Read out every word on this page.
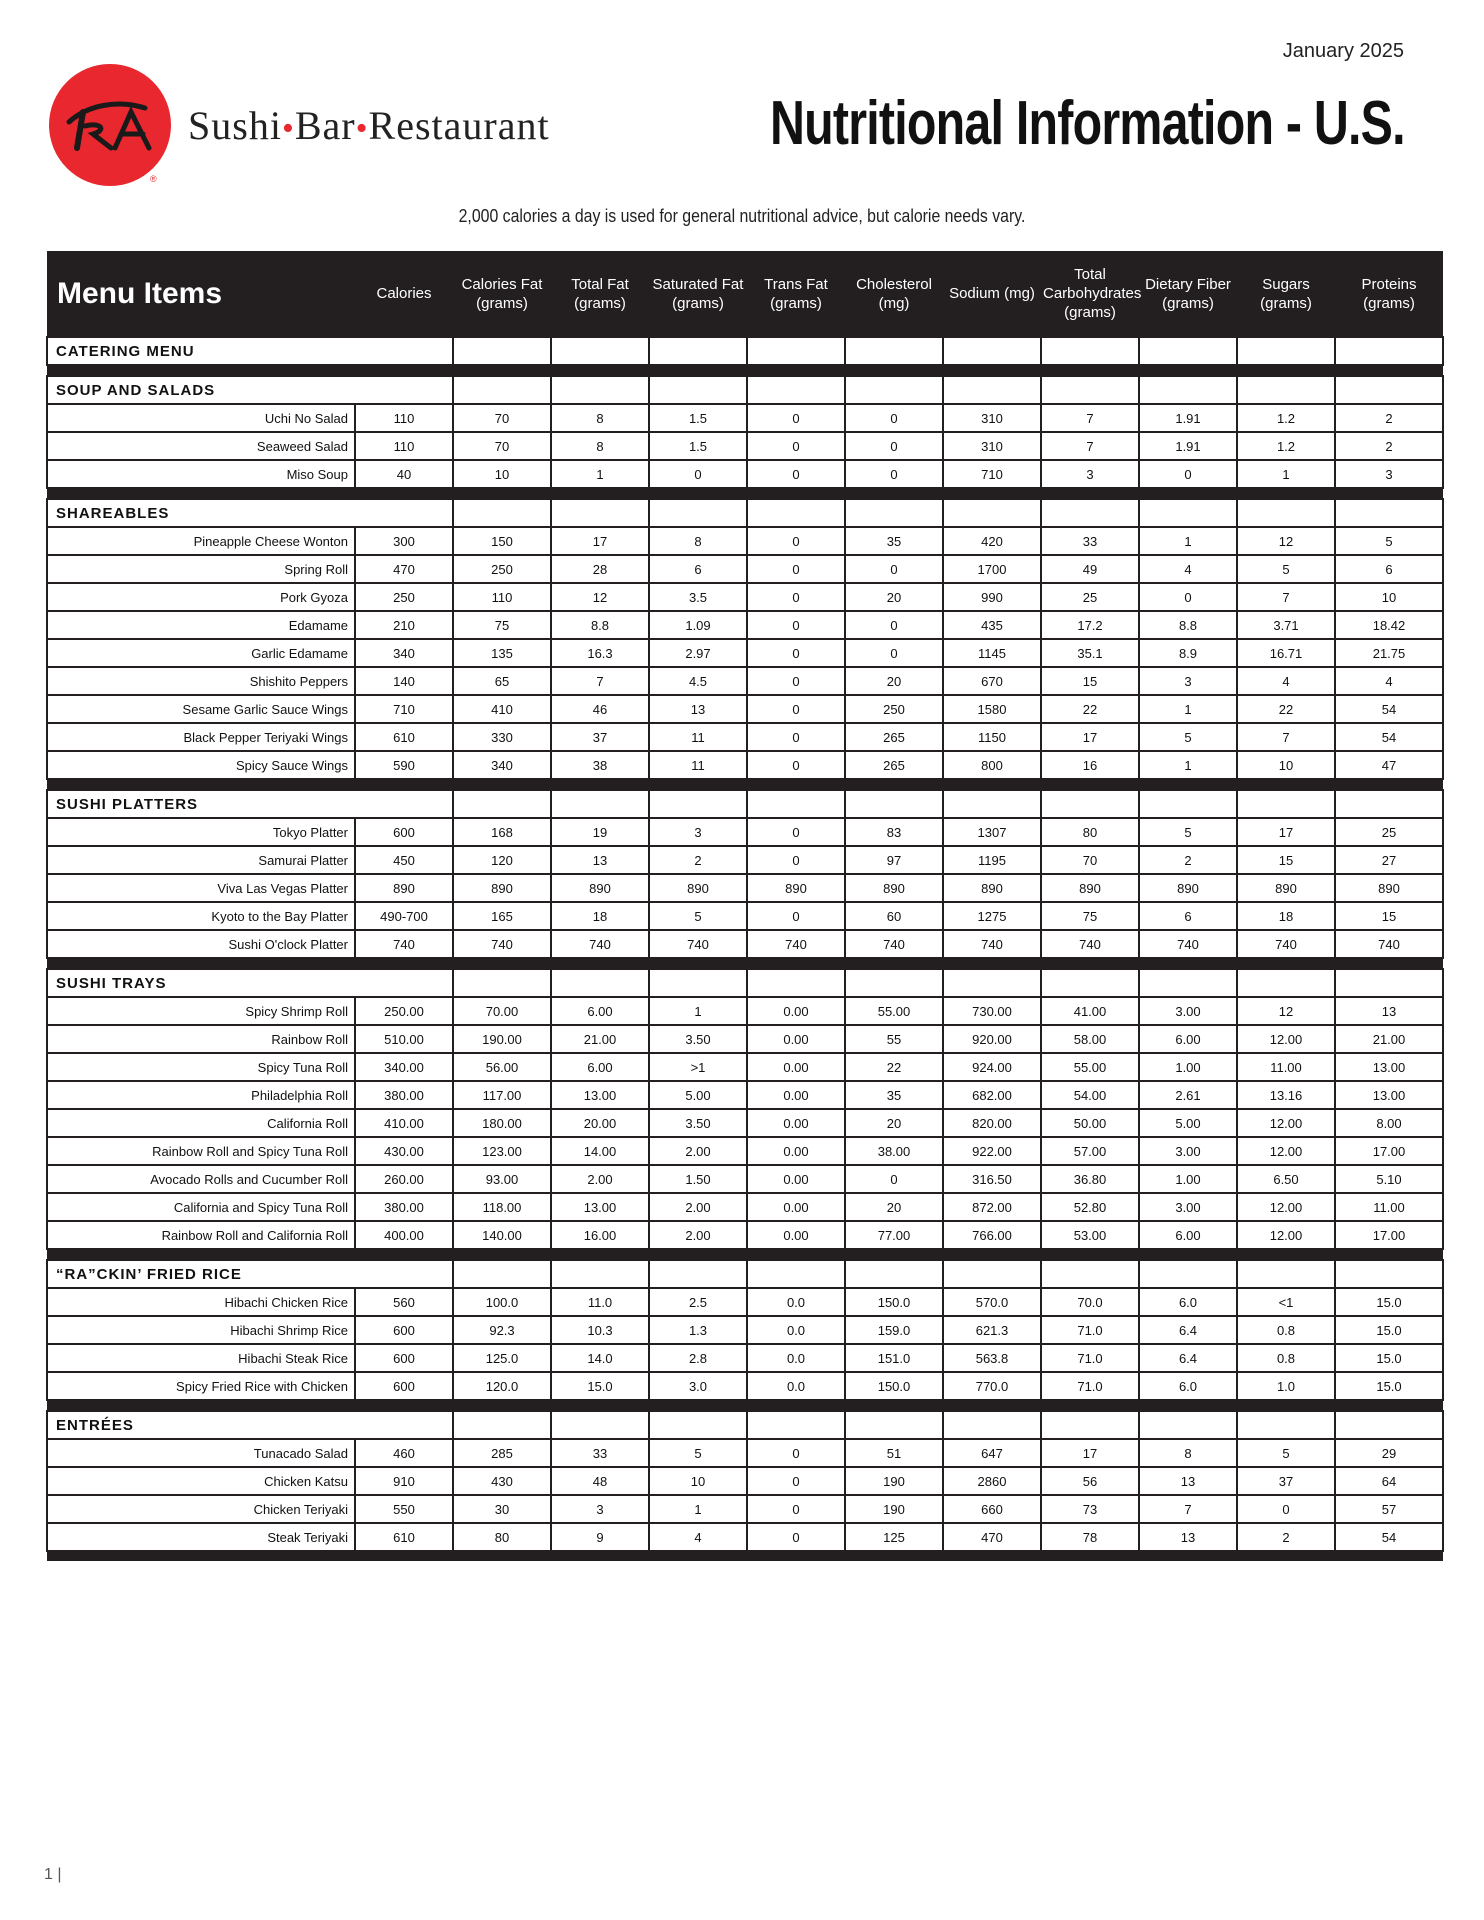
January 2025
®
Sushi•Bar•Restaurant	Nutritional Information - U.S.
2,000 calories a day is used for general nutritional advice, but calorie needs vary.
Menu Items	Calories	Calories Fat (grams)	Total Fat (grams)	Saturated Fat (grams)	Trans Fat (grams)	Cholesterol (mg)	Sodium (mg)	Total Carbohydrates (grams)	Dietary Fiber (grams)	Sugars (grams)	Proteins (grams)
CATERING MENU											

SOUP AND SALADS											
Uchi No Salad	110	70	8	1.5	0	0	310	7	1.91	1.2	2
Seaweed Salad	110	70	8	1.5	0	0	310	7	1.91	1.2	2
Miso Soup	40	10	1	0	0	0	710	3	0	1	3

SHAREABLES											
Pineapple Cheese Wonton	300	150	17	8	0	35	420	33	1	12	5
Spring Roll	470	250	28	6	0	0	1700	49	4	5	6
Pork Gyoza	250	110	12	3.5	0	20	990	25	0	7	10
Edamame	210	75	8.8	1.09	0	0	435	17.2	8.8	3.71	18.42
Garlic Edamame	340	135	16.3	2.97	0	0	1145	35.1	8.9	16.71	21.75
Shishito Peppers	140	65	7	4.5	0	20	670	15	3	4	4
Sesame Garlic Sauce Wings	710	410	46	13	0	250	1580	22	1	22	54
Black Pepper Teriyaki Wings	610	330	37	11	0	265	1150	17	5	7	54
Spicy Sauce Wings	590	340	38	11	0	265	800	16	1	10	47

SUSHI PLATTERS											
Tokyo Platter	600	168	19	3	0	83	1307	80	5	17	25
Samurai Platter	450	120	13	2	0	97	1195	70	2	15	27
Viva Las Vegas Platter	890	890	890	890	890	890	890	890	890	890	890
Kyoto to the Bay Platter	490-700	165	18	5	0	60	1275	75	6	18	15
Sushi O'clock Platter	740	740	740	740	740	740	740	740	740	740	740

SUSHI TRAYS											
Spicy Shrimp Roll	250.00	70.00	6.00	1	0.00	55.00	730.00	41.00	3.00	12	13
Rainbow Roll	510.00	190.00	21.00	3.50	0.00	55	920.00	58.00	6.00	12.00	21.00
Spicy Tuna Roll	340.00	56.00	6.00	>1	0.00	22	924.00	55.00	1.00	11.00	13.00
Philadelphia Roll	380.00	117.00	13.00	5.00	0.00	35	682.00	54.00	2.61	13.16	13.00
California Roll	410.00	180.00	20.00	3.50	0.00	20	820.00	50.00	5.00	12.00	8.00
Rainbow Roll and Spicy Tuna Roll	430.00	123.00	14.00	2.00	0.00	38.00	922.00	57.00	3.00	12.00	17.00
Avocado Rolls and Cucumber Roll	260.00	93.00	2.00	1.50	0.00	0	316.50	36.80	1.00	6.50	5.10
California and Spicy Tuna Roll	380.00	118.00	13.00	2.00	0.00	20	872.00	52.80	3.00	12.00	11.00
Rainbow Roll and California Roll	400.00	140.00	16.00	2.00	0.00	77.00	766.00	53.00	6.00	12.00	17.00

“RA”CKIN’ FRIED RICE											
Hibachi Chicken Rice	560	100.0	11.0	2.5	0.0	150.0	570.0	70.0	6.0	<1	15.0
Hibachi Shrimp Rice	600	92.3	10.3	1.3	0.0	159.0	621.3	71.0	6.4	0.8	15.0
Hibachi Steak Rice	600	125.0	14.0	2.8	0.0	151.0	563.8	71.0	6.4	0.8	15.0
Spicy Fried Rice with Chicken	600	120.0	15.0	3.0	0.0	150.0	770.0	71.0	6.0	1.0	15.0

ENTRÉES											
Tunacado Salad	460	285	33	5	0	51	647	17	8	5	29
Chicken Katsu	910	430	48	10	0	190	2860	56	13	37	64
Chicken Teriyaki	550	30	3	1	0	190	660	73	7	0	57
Steak Teriyaki	610	80	9	4	0	125	470	78	13	2	54

1 |
